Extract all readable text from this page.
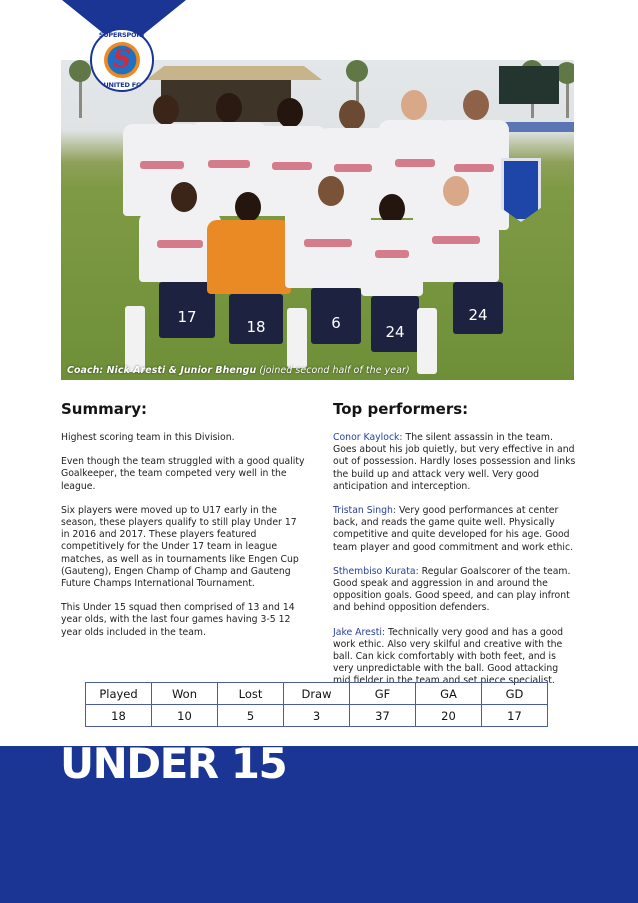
SUPERSPORT
S
UNITED FC
17
18	6	24
24
Coach: Nick Aresti & Junior Bhengu (joined second half of the year)
Summary:

Highest scoring team in this Division.

Even though the team struggled with a good quality Goalkeeper, the team competed very well in the league.

Six players were moved up to U17 early in the season, these players qualify to still play Under 17 in 2016 and 2017. These players featured competitively for the Under 17 team in league matches, as well as in tournaments like Engen Cup (Gauteng), Engen Champ of Champ and Gauteng Future Champs International Tournament.

This Under 15 squad then comprised of 13 and 14 year olds, with the last four games having 3-5 12 year olds included in the team.

Top performers:

Conor Kaylock: The silent assassin in the team. Goes about his job quietly, but very effective in and out of possession. Hardly loses possession and links the build up and attack very well. Very good anticipation and interception.

Tristan Singh: Very good performances at center back, and reads the game quite well. Physically competitive and quite developed for his age. Good team player and good commitment and work ethic.

Sthembiso Kurata: Regular Goalscorer of the team. Good speak and aggression in and around the opposition goals. Good speed, and can play infront and behind opposition defenders.

Jake Aresti: Technically very good and has a good work ethic. Also very skilful and creative with the ball. Can kick comfortably with both feet, and is very unpredictable with the ball. Good attacking mid fielder in the team and set piece specialist.

Played	Won	Lost	Draw	GF	GA	GD
18	10	5	3	37	20	17
UNDER 15
